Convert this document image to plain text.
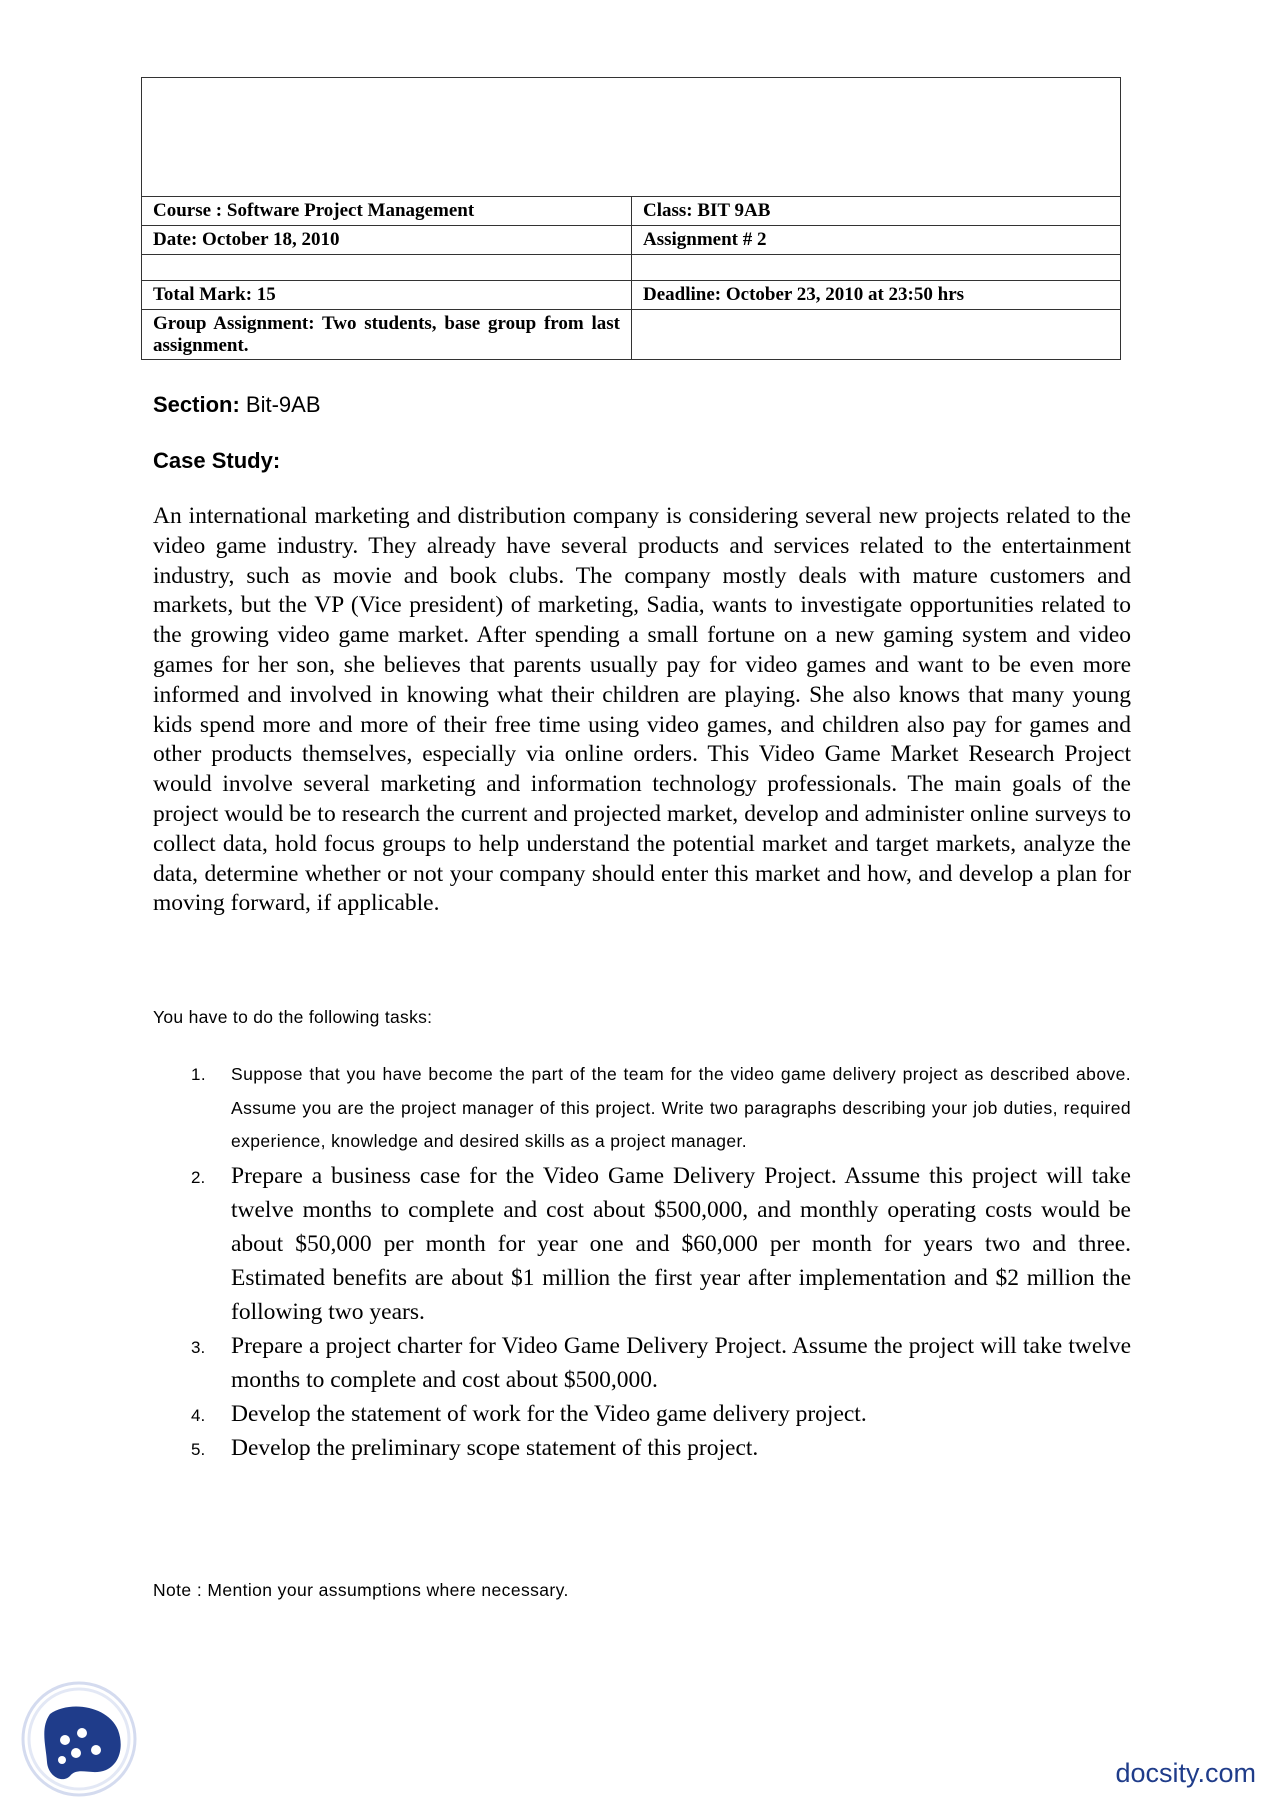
Course : Software Project Management	Class: BIT 9AB
Date: October 18, 2010	Assignment # 2
Total Mark: 15	Deadline: October 23, 2010 at 23:50 hrs
Group Assignment: Two students, base group from last assignment.
Section: Bit-9AB
Case Study:
An international marketing and distribution company is considering several new projects related to the video game industry. They already have several products and services related to the entertainment industry, such as movie and book clubs. The company mostly deals with mature customers and markets, but the VP (Vice president) of marketing, Sadia, wants to investigate opportunities related to the growing video game market. After spending a small fortune on a new gaming system and video games for her son, she believes that parents usually pay for video games and want to be even more informed and involved in knowing what their children are playing. She also knows that many young kids spend more and more of their free time using video games, and children also pay for games and other products themselves, especially via online orders. This Video Game Market Research Project would involve several marketing and information technology professionals. The main goals of the project would be to research the current and projected market, develop and administer online surveys to collect data, hold focus groups to help understand the potential market and target markets, analyze the data, determine whether or not your company should enter this market and how, and develop a plan for moving forward, if applicable.
You have to do the following tasks:
1. Suppose that you have become the part of the team for the video game delivery project as described above. Assume you are the project manager of this project. Write two paragraphs describing your job duties, required experience, knowledge and desired skills as a project manager.
2. Prepare a business case for the Video Game Delivery Project. Assume this project will take twelve months to complete and cost about $500,000, and monthly operating costs would be about $50,000 per month for year one and $60,000 per month for years two and three. Estimated benefits are about $1 million the first year after implementation and $2 million the following two years.
3. Prepare a project charter for Video Game Delivery Project. Assume the project will take twelve months to complete and cost about $500,000.
4. Develop the statement of work for the Video game delivery project.
5. Develop the preliminary scope statement of this project.
Note : Mention your assumptions where necessary.
docsity.com
